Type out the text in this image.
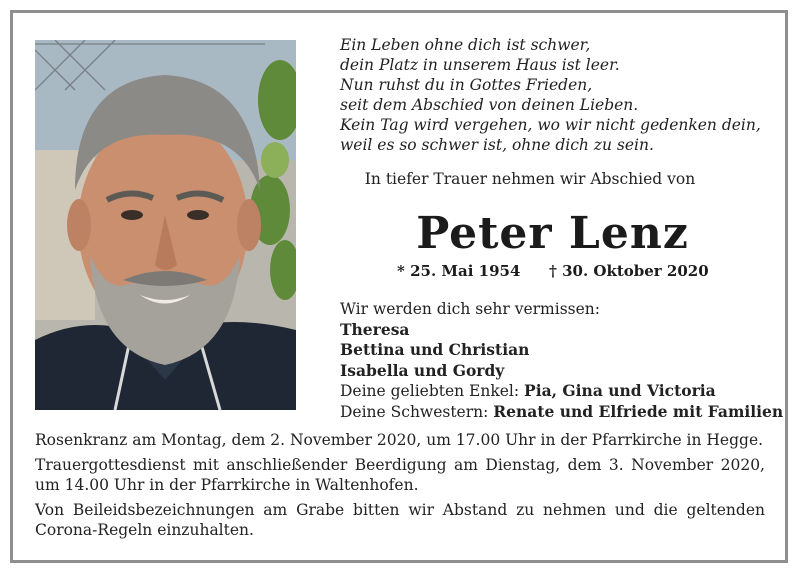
Ein Leben ohne dich ist schwer,
dein Platz in unserem Haus ist leer.
Nun ruhst du in Gottes Frieden,
seit dem Abschied von deinen Lieben.
Kein Tag wird vergehen, wo wir nicht gedenken dein,
weil es so schwer ist, ohne dich zu sein.
In tiefer Trauer nehmen wir Abschied von
Peter Lenz
* 25. Mai 1954 † 30. Oktober 2020
Wir werden dich sehr vermissen:
Theresa
Bettina und Christian
Isabella und Gordy
Deine geliebten Enkel: Pia, Gina und Victoria
Deine Schwestern: Renate und Elfriede mit Familien

Rosenkranz am Montag, dem 2. November 2020, um 17.00 Uhr in der Pfarrkirche in Hegge.

Trauergottesdienst mit anschließender Beerdigung am Dienstag, dem 3. November 2020, um 14.00 Uhr in der Pfarrkirche in Waltenhofen.

Von Beileidsbezeichnungen am Grabe bitten wir Abstand zu nehmen und die geltenden Corona-Regeln einzuhalten.
